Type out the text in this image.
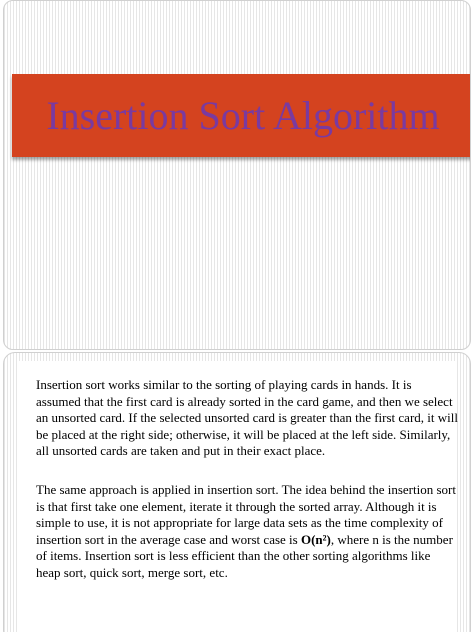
Insertion Sort Algorithm

Insertion sort works similar to the sorting of playing cards in hands. It is assumed that the first card is already sorted in the card game, and then we select an unsorted card. If the selected unsorted card is greater than the first card, it will be placed at the right side; otherwise, it will be placed at the left side. Similarly, all unsorted cards are taken and put in their exact place.

The same approach is applied in insertion sort. The idea behind the insertion sort is that first take one element, iterate it through the sorted array. Although it is simple to use, it is not appropriate for large data sets as the time complexity of insertion sort in the average case and worst case is O(n²), where n is the number of items. Insertion sort is less efficient than the other sorting algorithms like heap sort, quick sort, merge sort, etc.
